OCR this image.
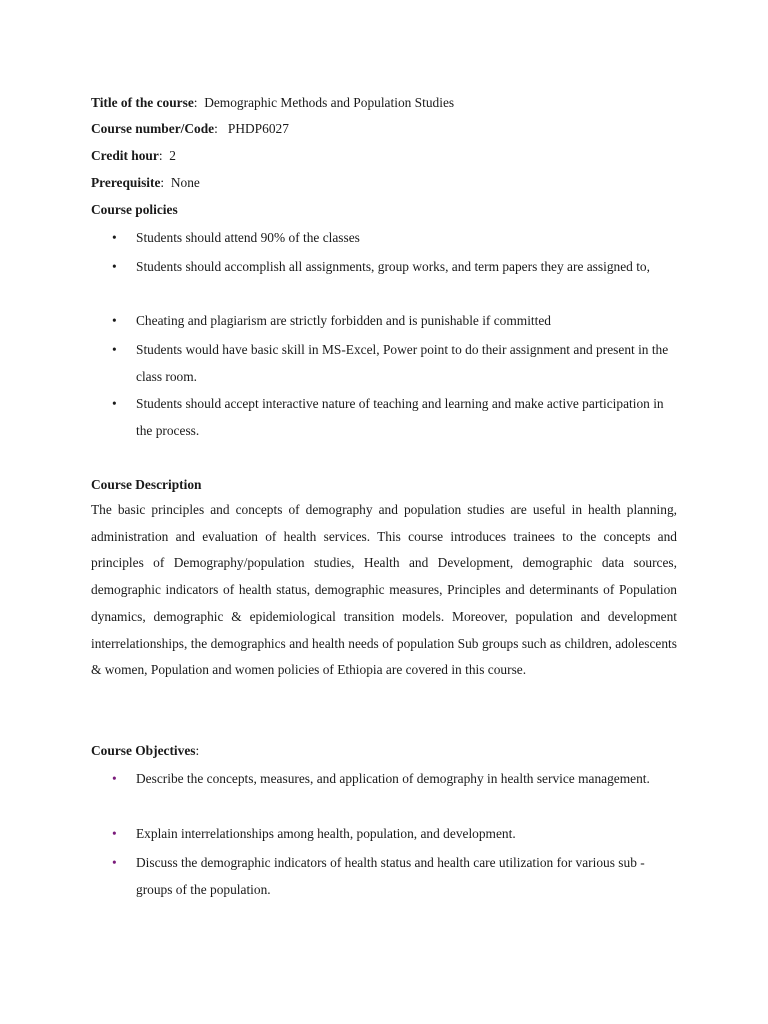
Title of the course:  Demographic Methods and Population Studies
Course number/Code:   PHDP6027
Credit hour:  2
Prerequisite:  None
Course policies
•	Students should attend 90% of the classes
•	Students should accomplish all assignments, group works, and term papers they are assigned to,
•	Cheating and plagiarism are strictly forbidden and is punishable if committed
•	Students would have basic skill in MS-Excel, Power point to do their assignment and present in the class room.
•	Students should accept interactive nature of teaching and learning and make active participation in the process.
Course Description
The basic principles and concepts of demography and population studies are useful in health planning, administration and evaluation of health services. This course introduces trainees to the concepts and principles of Demography/population studies, Health and Development, demographic data sources, demographic indicators of health status, demographic measures, Principles and determinants of Population dynamics, demographic & epidemiological transition models. Moreover, population and development interrelationships, the demographics and health needs of population Sub groups such as children, adolescents & women, Population and women policies of Ethiopia are covered in this course.
Course Objectives:
•	Describe the concepts, measures, and application of demography in health service management.
•	Explain interrelationships among health, population, and development.
•	Discuss the demographic indicators of health status and health care utilization for various sub - groups of the population.
